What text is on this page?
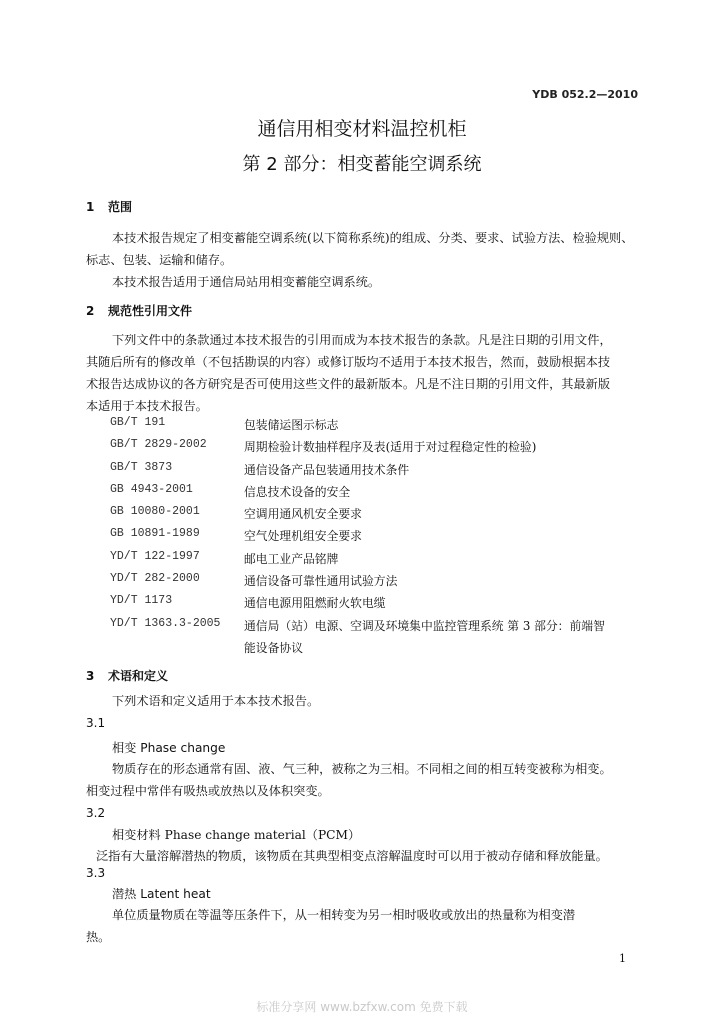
YDB 052.2—2010
通信用相变材料温控机柜
第 2 部分：相变蓄能空调系统
1 范围
本技术报告规定了相变蓄能空调系统(以下简称系统)的组成、分类、要求、试验方法、检验规则、
标志、包装、运输和储存。
本技术报告适用于通信局站用相变蓄能空调系统。
2 规范性引用文件
下列文件中的条款通过本技术报告的引用而成为本技术报告的条款。凡是注日期的引用文件，
其随后所有的修改单（不包括勘误的内容）或修订版均不适用于本技术报告，然而，鼓励根据本技
术报告达成协议的各方研究是否可使用这些文件的最新版本。凡是不注日期的引用文件，其最新版
本适用于本技术报告。
GB/T 191	包装储运图示标志
GB/T 2829-2002	周期检验计数抽样程序及表(适用于对过程稳定性的检验)
GB/T 3873	通信设备产品包装通用技术条件
GB 4943-2001	信息技术设备的安全
GB 10080-2001	空调用通风机安全要求
GB 10891-1989	空气处理机组安全要求
YD/T 122-1997	邮电工业产品铭牌
YD/T 282-2000	通信设备可靠性通用试验方法
YD/T 1173	通信电源用阻燃耐火软电缆
YD/T 1363.3-2005	通信局（站）电源、空调及环境集中监控管理系统 第 3 部分：前端智
能设备协议
3 术语和定义
下列术语和定义适用于本本技术报告。
3.1
相变 Phase change
物质存在的形态通常有固、液、气三种，被称之为三相。不同相之间的相互转变被称为相变。
相变过程中常伴有吸热或放热以及体积突变。
3.2
相变材料 Phase change material（PCM）
泛指有大量溶解潜热的物质，该物质在其典型相变点溶解温度时可以用于被动存储和释放能量。
3.3
潜热 Latent heat
单位质量物质在等温等压条件下，从一相转变为另一相时吸收或放出的热量称为相变潜
热。
1
标准分享网 www.bzfxw.com 免费下载
